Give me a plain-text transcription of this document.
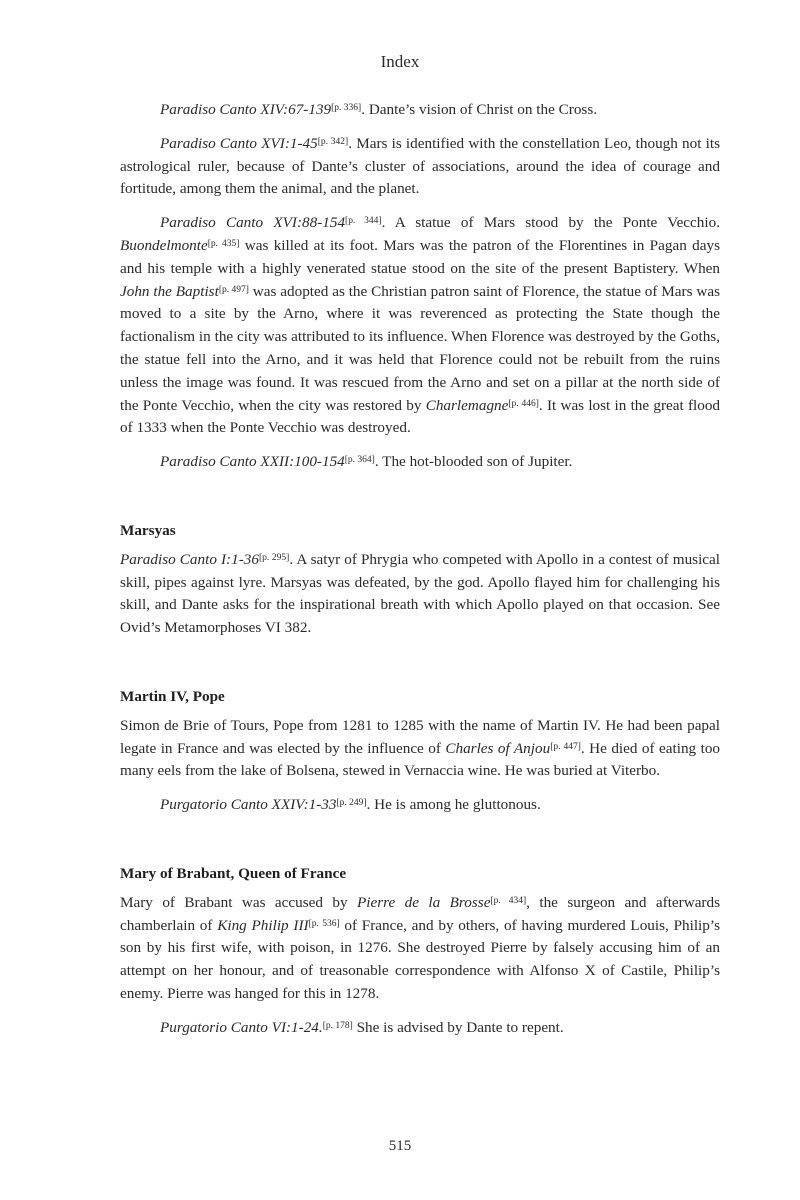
Index

Paradiso Canto XIV:67-139[p. 336]. Dante’s vision of Christ on the Cross.

Paradiso Canto XVI:1-45[p. 342]. Mars is identified with the constellation Leo, though not its astrological ruler, because of Dante’s cluster of associations, around the idea of courage and fortitude, among them the animal, and the planet.

Paradiso Canto XVI:88-154[p. 344]. A statue of Mars stood by the Ponte Vecchio. Buondelmonte[p. 435] was killed at its foot. Mars was the patron of the Florentines in Pagan days and his temple with a highly venerated statue stood on the site of the present Baptistery. When John the Baptist[p. 497] was adopted as the Christian patron saint of Florence, the statue of Mars was moved to a site by the Arno, where it was reverenced as protecting the State though the factionalism in the city was attributed to its influence. When Florence was destroyed by the Goths, the statue fell into the Arno, and it was held that Florence could not be rebuilt from the ruins unless the image was found. It was rescued from the Arno and set on a pillar at the north side of the Ponte Vecchio, when the city was restored by Charlemagne[p. 446]. It was lost in the great flood of 1333 when the Ponte Vecchio was destroyed.

Paradiso Canto XXII:100-154[p. 364]. The hot-blooded son of Jupiter.

Marsyas

Paradiso Canto I:1-36[p. 295]. A satyr of Phrygia who competed with Apollo in a contest of musical skill, pipes against lyre. Marsyas was defeated, by the god. Apollo flayed him for challenging his skill, and Dante asks for the inspirational breath with which Apollo played on that occasion. See Ovid’s Metamorphoses VI 382.

Martin IV, Pope

Simon de Brie of Tours, Pope from 1281 to 1285 with the name of Martin IV. He had been papal legate in France and was elected by the influence of Charles of Anjou[p. 447]. He died of eating too many eels from the lake of Bolsena, stewed in Vernaccia wine. He was buried at Viterbo.

Purgatorio Canto XXIV:1-33[p. 249]. He is among he gluttonous.

Mary of Brabant, Queen of France

Mary of Brabant was accused by Pierre de la Brosse[p. 434], the surgeon and afterwards chamberlain of King Philip III[p. 536] of France, and by others, of having murdered Louis, Philip’s son by his first wife, with poison, in 1276. She destroyed Pierre by falsely accusing him of an attempt on her honour, and of treasonable correspondence with Alfonso X of Castile, Philip’s enemy. Pierre was hanged for this in 1278.

Purgatorio Canto VI:1-24.[p. 178] She is advised by Dante to repent.

515
